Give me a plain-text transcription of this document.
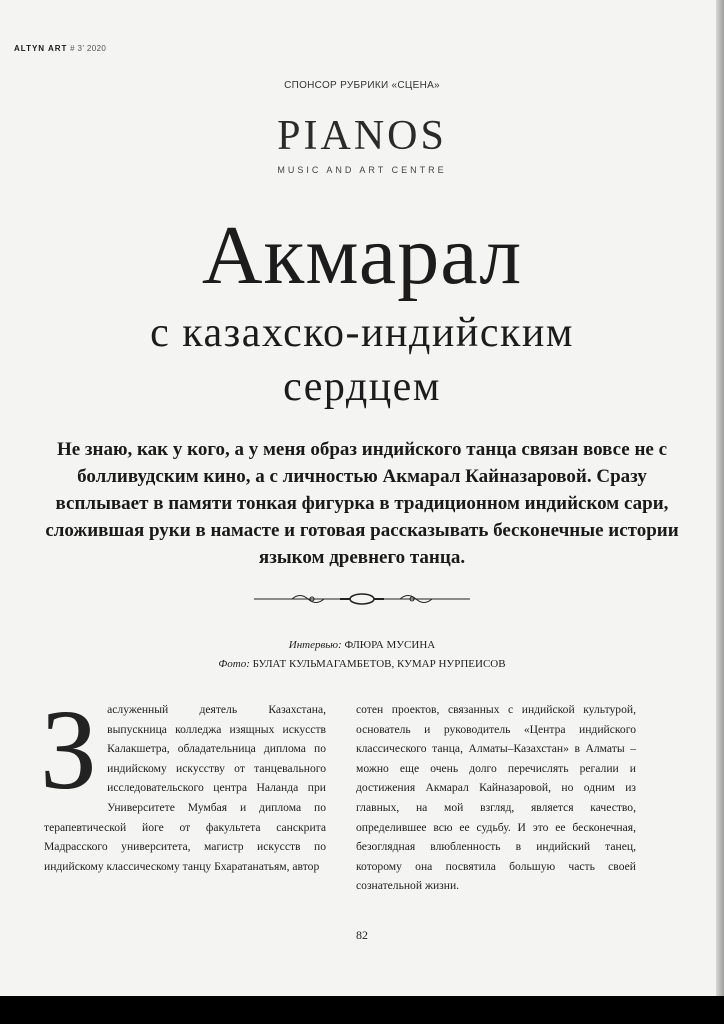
ALTYN ART # 3’ 2020
СПОНСОР РУБРИКИ «СЦЕНА»
PIANOS
MUSIC AND ART CENTRE
Акмарал
с казахско-индийским
сердцем
Не знаю, как у кого, а у меня образ индийского танца связан вовсе не с болливудским кино, а с личностью Акмарал Кайназаровой. Сразу всплывает в памяти тонкая фигурка в традиционном индийском сари, сложившая руки в намасте и готовая рассказывать бесконечные истории языком древнего танца.
Интервью: ФЛЮРА МУСИНА
Фото: БУЛАТ КУЛЬМАГАМБЕТОВ, КУМАР НУРПЕИСОВ
З аслуженный деятель Казахстана, выпускница колледжа изящных искусств Калакшетра, обладательница диплома по индийскому искусству от танцевального исследовательского центра Наланда при Университете Мумбая и диплома по терапевтической йоге от факультета санскрита Мадрасского университета, магистр искусств по индийскому классическому танцу Бхаратанатьям, автор
сотен проектов, связанных с индийской культурой, основатель и руководитель «Центра индийского классического танца, Алматы–Казахстан» в Алматы – можно еще очень долго перечислять регалии и достижения Акмарал Кайназаровой, но одним из главных, на мой взгляд, является качество, определившее всю ее судьбу. И это ее бесконечная, безоглядная влюбленность в индийский танец, которому она посвятила большую часть своей сознательной жизни.
82
